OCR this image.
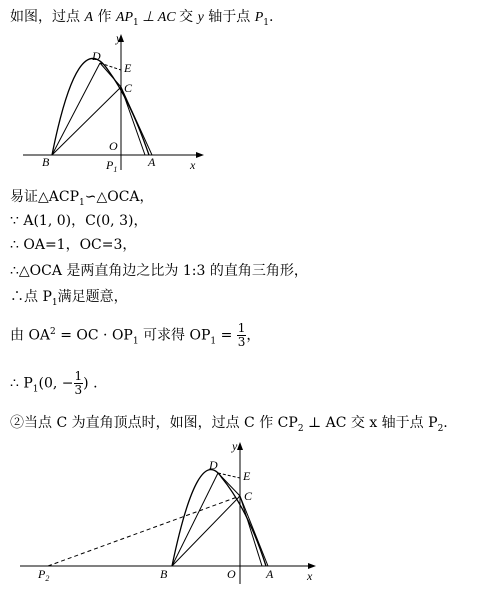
如图，过点 A 作 $AP_1$ ⊥ AC 交 y 轴于点 $P_1$.
y
D
E
C
O
B	$P_1$
A	x
易证$\triangle ACP_1∽\triangle OCA$，
∵ A(1, 0)，C(0, 3)，
∴ OA=1，OC=3，
∴△OCA 是两直角边之比为 1:3 的直角三角形，
∴点 $P_1$满足题意，
由 $OA^2$ = OC · $OP_1$ 可求得 $OP_1 = \frac{1}{3}$ ，
∴ $P_1(0$, − $\frac{1}{3}$ ) .
②当点 C 为直角顶点时，如图，过点 C 作 $CP_2$ ⊥ AC 交 x 轴于点 $P_2$.
y
D
E
C
$P_2$	B	O	A	x
